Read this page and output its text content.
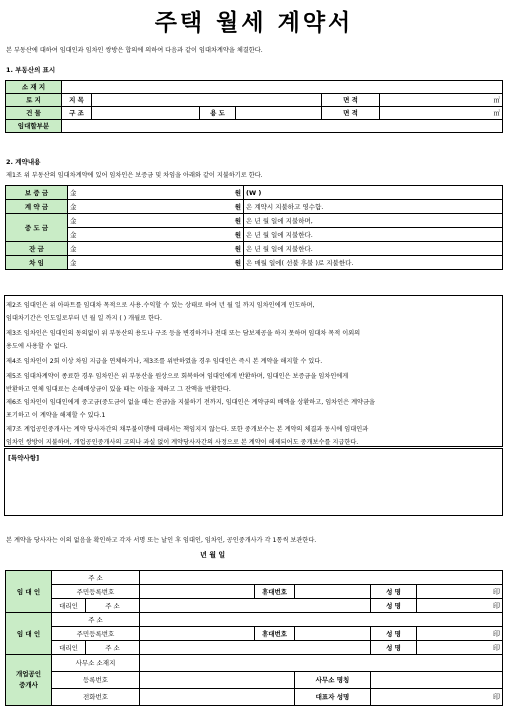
주택 월세 계약서
본 부동산에 대하여 임대인과 임차인 쌍방은 합의에 의하여 다음과 같이 임대차계약을 체결한다.
1. 부동산의 표시
소 재 지						
토 지	지 목				면 적	㎡
건 물	구 조		용 도		면 적	㎡
임대할부분						
2. 계약내용
제1조 위 부동산의 임대차계약에 있어 임차인은 보증금 및 차임을 아래와 같이 지불하기로 한다.
보 증 금	金 원	(W )
계 약 금	金 원	은 계약시 지불하고 영수함.
중 도 금	金 원	은 년 월 일에 지불하며,
	金 원	은 년 월 일에 지불한다.
잔 금	金 원	은 년 월 일에 지불한다.
차 임	金 원	은 매월 일에( 선불 후불 )로 지불한다.
제2조 임대인은 위 아파트를 임대차 목적으로 사용․수익할 수 있는 상태로 하여 년 월 일 까지 임차인에게 인도하며,
임대차기간은 인도일로부터 년 월 일 까지 ( ) 개월로 한다.
제3조 임차인은 임대인의 동의없이 위 부동산의 용도나 구조 등을 변경하거나 전대 또는 담보제공을 하지 못하며 임대차 목적 이외의
용도에 사용할 수 없다.
제4조 임차인이 2회 이상 차임 지급을 연체하거나, 제3조를 위반하였을 경우 임대인은 즉시 본 계약을 해지할 수 있다.
제5조 임대차계약이 종료한 경우 임차인은 위 부동산을 원상으로 회복하여 임대인에게 반환하며, 임대인은 보증금을 임차인에게
반환하고 연체 임대료는 손해배상금이 있을 때는 이들을 제하고 그 잔액을 반환한다.
제6조 임차인이 임대인에게 중고금(중도금이 없을 때는 잔금)을 지불하기 전까지, 임대인은 계약금의 배액을 상환하고, 임차인은 계약금을
포기하고 이 계약을 해제할 수 있다.1
제7조 계업공인중개사는 계약 당사자간의 채무불이행에 대해서는 책임지지 않는다. 또한 중개보수는 본 계약의 체결과 동시에 임대인과
임차인 쌍방이 지불하며, 개업공인중개사의 고의나 과실 없이 계약당사자간의 사정으로 본 계약이 해제되어도 중개보수를 지급한다.
[특약사항]
본 계약을 당사자는 이의 없음을 확인하고 각자 서명 또는 날인 후 임대인, 임차인, 공인중개사가 각 1통씩 보관한다.
년 월 일
임 대 인	주 소						
	주민등록번호			휴대번호		성 명	印
	대리인	주 소				성 명	印
임 대 인	주 소						
	주민등록번호			휴대번호		성 명	印
	대리인	주 소				성 명	印
개업공인
중개사	사무소 소재지						
	등록번호				사무소 명칭		
	전화번호				대표자 성명	印	
